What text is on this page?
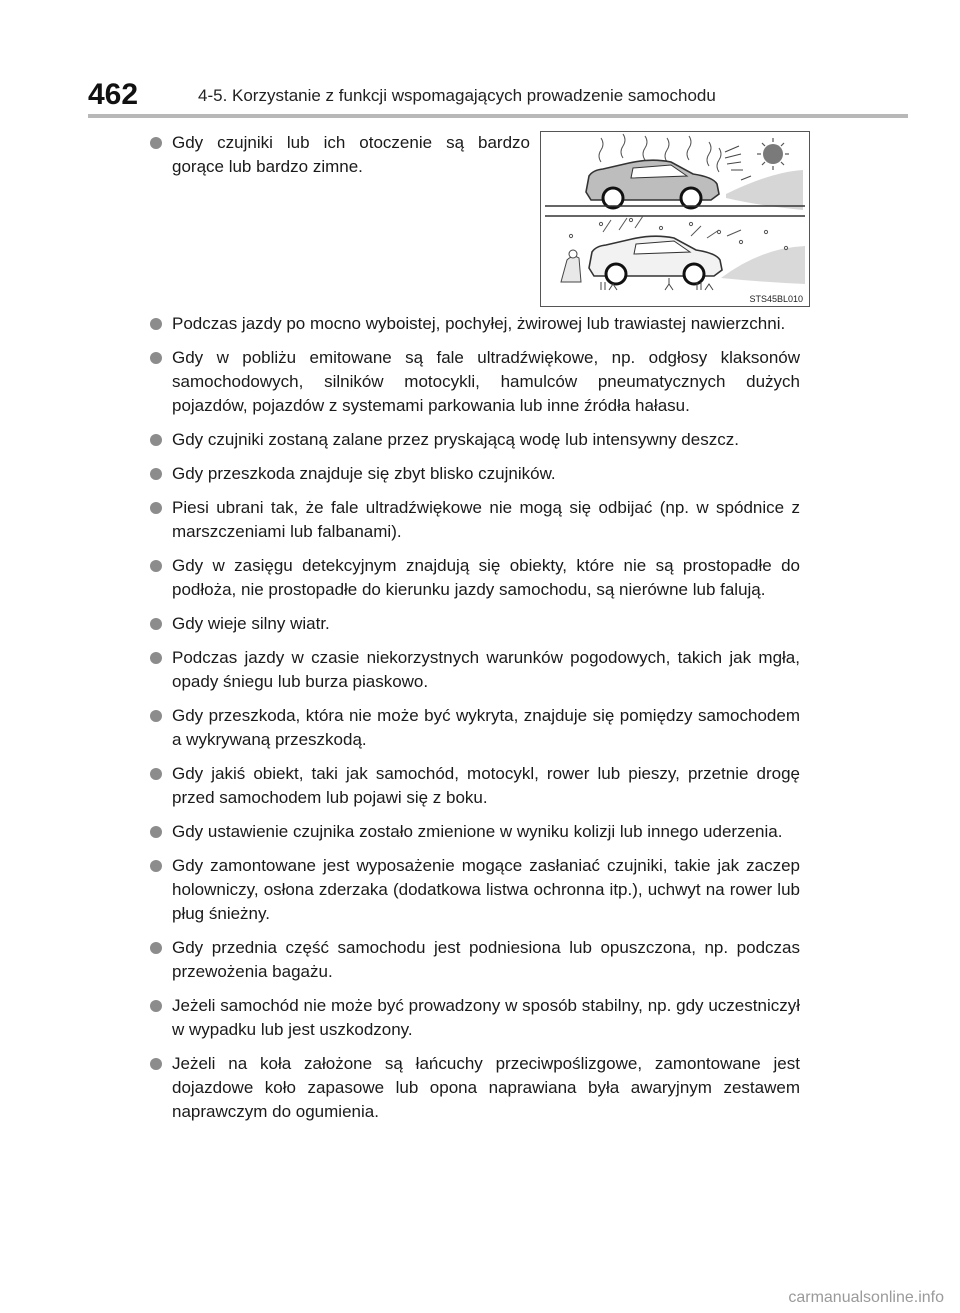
462	4-5. Korzystanie z funkcji wspomagających prowadzenie samochodu
Gdy czujniki lub ich otoczenie są bardzo gorące lub bardzo zimne.
STS45BL010
Podczas jazdy po mocno wyboistej, pochyłej, żwirowej lub trawiastej nawierzchni.
Gdy w pobliżu emitowane są fale ultradźwiękowe, np. odgłosy klaksonów samochodowych, silników motocykli, hamulców pneumatycznych dużych pojazdów, pojazdów z systemami parkowania lub inne źródła hałasu.
Gdy czujniki zostaną zalane przez pryskającą wodę lub intensywny deszcz.
Gdy przeszkoda znajduje się zbyt blisko czujników.
Piesi ubrani tak, że fale ultradźwiękowe nie mogą się odbijać (np. w spódnice z marszczeniami lub falbanami).
Gdy w zasięgu detekcyjnym znajdują się obiekty, które nie są prostopadłe do podłoża, nie prostopadłe do kierunku jazdy samochodu, są nierówne lub falują.
Gdy wieje silny wiatr.
Podczas jazdy w czasie niekorzystnych warunków pogodowych, takich jak mgła, opady śniegu lub burza piaskowo.
Gdy przeszkoda, która nie może być wykryta, znajduje się pomiędzy samochodem a wykrywaną przeszkodą.
Gdy jakiś obiekt, taki jak samochód, motocykl, rower lub pieszy, przetnie drogę przed samochodem lub pojawi się z boku.
Gdy ustawienie czujnika zostało zmienione w wyniku kolizji lub innego uderzenia.
Gdy zamontowane jest wyposażenie mogące zasłaniać czujniki, takie jak zaczep holowniczy, osłona zderzaka (dodatkowa listwa ochronna itp.), uchwyt na rower lub pług śnieżny.
Gdy przednia część samochodu jest podniesiona lub opuszczona, np. podczas przewożenia bagażu.
Jeżeli samochód nie może być prowadzony w sposób stabilny, np. gdy uczestniczył w wypadku lub jest uszkodzony.
Jeżeli na koła założone są łańcuchy przeciwpoślizgowe, zamontowane jest dojazdowe koło zapasowe lub opona naprawiana była awaryjnym zestawem naprawczym do ogumienia.
carmanualsonline.info
